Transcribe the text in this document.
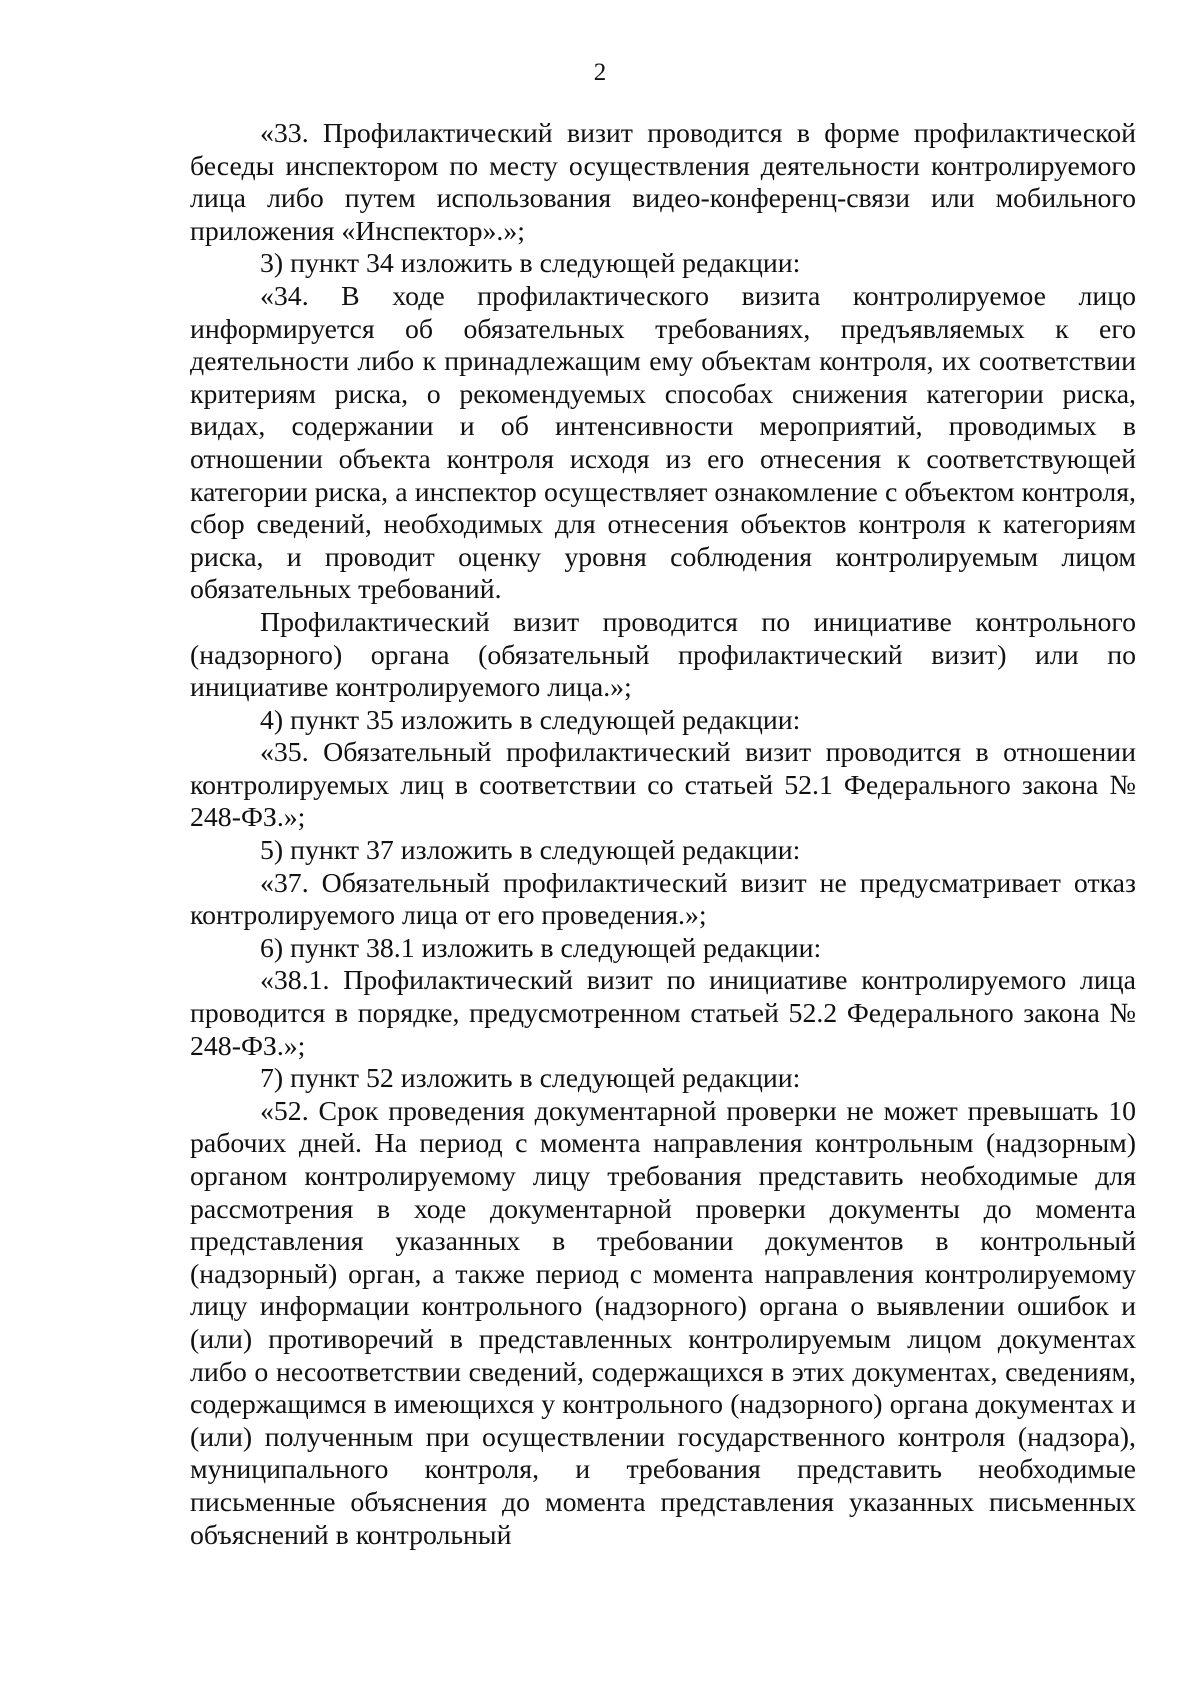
2

«33. Профилактический визит проводится в форме профилактической беседы инспектором по месту осуществления деятельности контролируемого лица либо путем использования видео-конференц-связи или мобильного приложения «Инспектор».»;

3) пункт 34 изложить в следующей редакции:

«34. В ходе профилактического визита контролируемое лицо информируется об обязательных требованиях, предъявляемых к его деятельности либо к принадлежащим ему объектам контроля, их соответствии критериям риска, о рекомендуемых способах снижения категории риска, видах, содержании и об интенсивности мероприятий, проводимых в отношении объекта контроля исходя из его отнесения к соответствующей категории риска, а инспектор осуществляет ознакомление с объектом контроля, сбор сведений, необходимых для отнесения объектов контроля к категориям риска, и проводит оценку уровня соблюдения контролируемым лицом обязательных требований.

Профилактический визит проводится по инициативе контрольного (надзорного) органа (обязательный профилактический визит) или по инициативе контролируемого лица.»;

4) пункт 35 изложить в следующей редакции:

«35. Обязательный профилактический визит проводится в отношении контролируемых лиц в соответствии со статьей 52.1 Федерального закона № 248-ФЗ.»;

5) пункт 37 изложить в следующей редакции:

«37. Обязательный профилактический визит не предусматривает отказ контролируемого лица от его проведения.»;

6) пункт 38.1 изложить в следующей редакции:

«38.1. Профилактический визит по инициативе контролируемого лица проводится в порядке, предусмотренном статьей 52.2 Федерального закона № 248-ФЗ.»;

7) пункт 52 изложить в следующей редакции:

«52. Срок проведения документарной проверки не может превышать 10 рабочих дней. На период с момента направления контрольным (надзорным) органом контролируемому лицу требования представить необходимые для рассмотрения в ходе документарной проверки документы до момента представления указанных в требовании документов в контрольный (надзорный) орган, а также период с момента направления контролируемому лицу информации контрольного (надзорного) органа о выявлении ошибок и (или) противоречий в представленных контролируемым лицом документах либо о несоответствии сведений, содержащихся в этих документах, сведениям, содержащимся в имеющихся у контрольного (надзорного) органа документах и (или) полученным при осуществлении государственного контроля (надзора), муниципального контроля, и требования представить необходимые письменные объяснения до момента представления указанных письменных объяснений в контрольный
